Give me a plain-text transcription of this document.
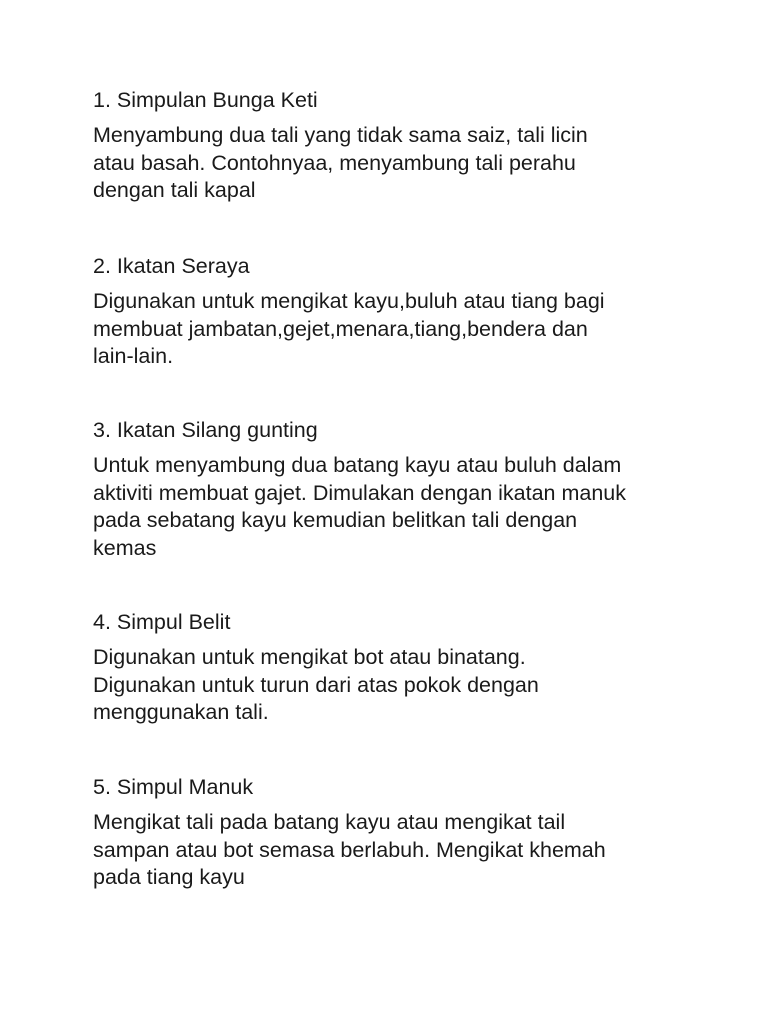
1. Simpulan Bunga Keti

Menyambung dua tali yang tidak sama saiz, tali licin
atau basah. Contohnyaa, menyambung tali perahu
dengan tali kapal

2. Ikatan Seraya

Digunakan untuk mengikat kayu,buluh atau tiang bagi
membuat jambatan,gejet,menara,tiang,bendera dan
lain-lain.

3. Ikatan Silang gunting

Untuk menyambung dua batang kayu atau buluh dalam
aktiviti membuat gajet. Dimulakan dengan ikatan manuk
pada sebatang kayu kemudian belitkan tali dengan
kemas

4. Simpul Belit

Digunakan untuk mengikat bot atau binatang.
Digunakan untuk turun dari atas pokok dengan
menggunakan tali.

5. Simpul Manuk

Mengikat tali pada batang kayu atau mengikat tail
sampan atau bot semasa berlabuh. Mengikat khemah
pada tiang kayu
